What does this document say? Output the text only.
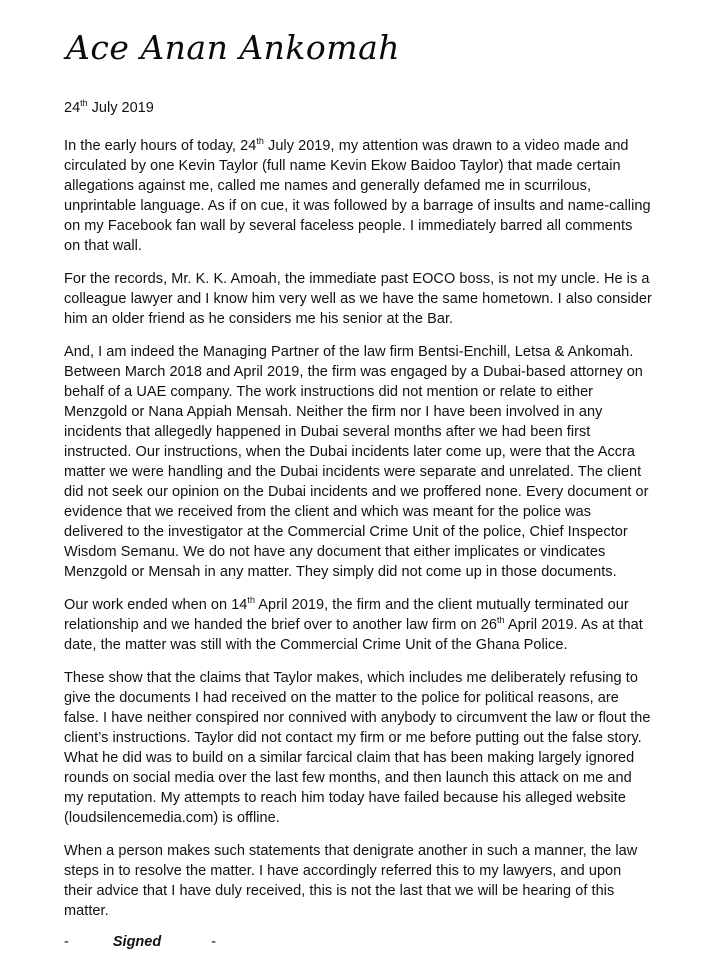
Ace Anan Ankomah
24th July 2019

In the early hours of today, 24th July 2019, my attention was drawn to a video made and circulated by one Kevin Taylor (full name Kevin Ekow Baidoo Taylor) that made certain allegations against me, called me names and generally defamed me in scurrilous, unprintable language. As if on cue, it was followed by a barrage of insults and name-calling on my Facebook fan wall by several faceless people. I immediately barred all comments on that wall.

For the records, Mr. K. K. Amoah, the immediate past EOCO boss, is not my uncle. He is a colleague lawyer and I know him very well as we have the same hometown. I also consider him an older friend as he considers me his senior at the Bar.

And, I am indeed the Managing Partner of the law firm Bentsi-Enchill, Letsa & Ankomah. Between March 2018 and April 2019, the firm was engaged by a Dubai-based attorney on behalf of a UAE company. The work instructions did not mention or relate to either Menzgold or Nana Appiah Mensah. Neither the firm nor I have been involved in any incidents that allegedly happened in Dubai several months after we had been first instructed. Our instructions, when the Dubai incidents later come up, were that the Accra matter we were handling and the Dubai incidents were separate and unrelated. The client did not seek our opinion on the Dubai incidents and we proffered none. Every document or evidence that we received from the client and which was meant for the police was delivered to the investigator at the Commercial Crime Unit of the police, Chief Inspector Wisdom Semanu. We do not have any document that either implicates or vindicates Menzgold or Mensah in any matter. They simply did not come up in those documents.

Our work ended when on 14th April 2019, the firm and the client mutually terminated our relationship and we handed the brief over to another law firm on 26th April 2019. As at that date, the matter was still with the Commercial Crime Unit of the Ghana Police.

These show that the claims that Taylor makes, which includes me deliberately refusing to give the documents I had received on the matter to the police for political reasons, are false. I have neither conspired nor connived with anybody to circumvent the law or flout the client’s instructions. Taylor did not contact my firm or me before putting out the false story. What he did was to build on a similar farcical claim that has been making largely ignored rounds on social media over the last few months, and then launch this attack on me and my reputation. My attempts to reach him today have failed because his alleged website (loudsilencemedia.com) is offline.

When a person makes such statements that denigrate another in such a manner, the law steps in to resolve the matter. I have accordingly referred this to my lawyers, and upon their advice that I have duly received, this is not the last that we will be hearing of this matter.

-	Signed	-
